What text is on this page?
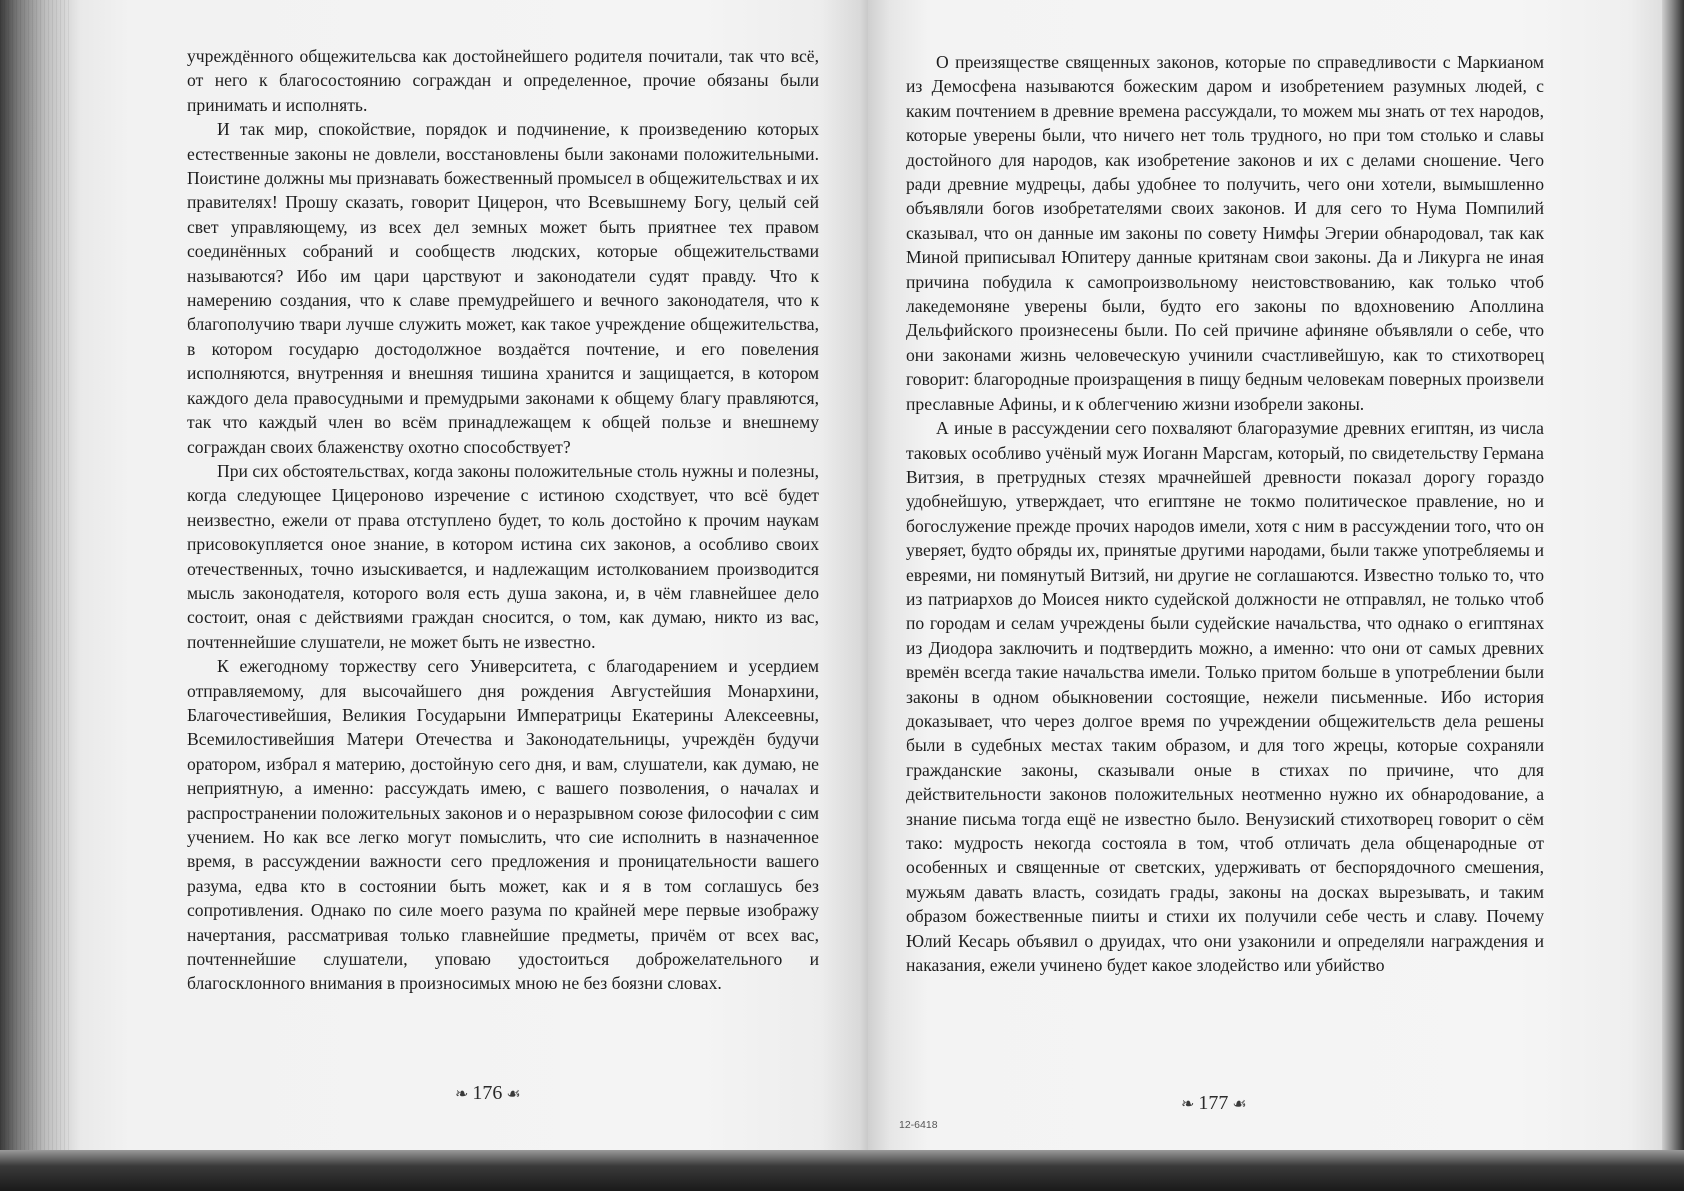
учреждённого общежительсва как достойнейшего родителя почитали, так что всё, от него к благосостоянию сограждан и определенное, прочие обязаны были принимать и исполнять.

И так мир, спокойствие, порядок и подчинение, к произведению которых естественные законы не довлели, восстановлены были законами положительными. Поистине должны мы признавать божественный промысел в общежительствах и их правителях! Прошу сказать, говорит Цицерон, что Всевышнему Богу, целый сей свет управляющему, из всех дел земных может быть приятнее тех правом соединённых собраний и сообществ людских, которые общежительствами называются? Ибо им цари царствуют и законодатели судят правду. Что к намерению создания, что к славе премудрейшего и вечного законодателя, что к благополучию твари лучше служить может, как такое учреждение общежительства, в котором государю достодолжное воздаётся почтение, и его повеления исполняются, внутренняя и внешняя тишина хранится и защищается, в котором каждого дела правосудными и премудрыми законами к общему благу правляются, так что каждый член во всём принадлежащем к общей пользе и внешнему сограждан своих блаженству охотно способствует?

При сих обстоятельствах, когда законы положительные столь нужны и полезны, когда следующее Цицероново изречение с истиною сходствует, что всё будет неизвестно, ежели от права отступлено будет, то коль достойно к прочим наукам присовокупляется оное знание, в котором истина сих законов, а особливо своих отечественных, точно изыскивается, и надлежащим истолкованием производится мысль законодателя, которого воля есть душа закона, и, в чём главнейшее дело состоит, оная с действиями граждан сносится, о том, как думаю, никто из вас, почтеннейшие слушатели, не может быть не известно.

К ежегодному торжеству сего Университета, с благодарением и усердием отправляемому, для высочайшего дня рождения Августейшия Монархини, Благочестивейшия, Великия Государыни Императрицы Екатерины Алексеевны, Всемилостивейшия Матери Отечества и Законодательницы, учреждён будучи оратором, избрал я материю, достойную сего дня, и вам, слушатели, как думаю, не неприятную, а именно: рассуждать имею, с вашего позволения, о началах и распространении положительных законов и о неразрывном союзе философии с сим учением. Но как все легко могут помыслить, что сие исполнить в назначенное время, в рассуждении важности сего предложения и проницательности вашего разума, едва кто в состоянии быть может, как и я в том соглашусь без сопротивления. Однако по силе моего разума по крайней мере первые изображу начертания, рассматривая только главнейшие предметы, причём от всех вас, почтеннейшие слушатели, уповаю удостоиться доброжелательного и благосклонного внимания в произносимых мною не без боязни словах.

❧ 176 ☙

О преизяществе священных законов, которые по справедливости с Маркианом из Демосфена называются божеским даром и изобретением разумных людей, с каким почтением в древние времена рассуждали, то можем мы знать от тех народов, которые уверены были, что ничего нет толь трудного, но при том столько и славы достойного для народов, как изобретение законов и их с делами сношение. Чего ради древние мудрецы, дабы удобнее то получить, чего они хотели, вымышленно объявляли богов изобретателями своих законов. И для сего то Нума Помпилий сказывал, что он данные им законы по совету Нимфы Эгерии обнародовал, так как Миной приписывал Юпитеру данные критянам свои законы. Да и Ликурга не иная причина побудила к самопроизвольному неистовствованию, как только чтоб лакедемоняне уверены были, будто его законы по вдохновению Аполлина Дельфийского произнесены были. По сей причине афиняне объявляли о себе, что они законами жизнь человеческую учинили счастливейшую, как то стихотворец говорит: благородные произращения в пищу бедным человекам поверных произвели преславные Афины, и к облегчению жизни изобрели законы.

А иные в рассуждении сего похваляют благоразумие древних египтян, из числа таковых особливо учёный муж Иоганн Марсгам, который, по свидетельству Германа Витзия, в претрудных стезях мрачнейшей древности показал дорогу гораздо удобнейшую, утверждает, что египтяне не токмо политическое правление, но и богослужение прежде прочих народов имели, хотя с ним в рассуждении того, что он уверяет, будто обряды их, принятые другими народами, были также употребляемы и евреями, ни помянутый Витзий, ни другие не соглашаются. Известно только то, что из патриархов до Моисея никто судейской должности не отправлял, не только чтоб по городам и селам учреждены были судейские начальства, что однако о египтянах из Диодора заключить и подтвердить можно, а именно: что они от самых древних времён всегда такие начальства имели. Только притом больше в употреблении были законы в одном обыкновении состоящие, нежели письменные. Ибо история доказывает, что через долгое время по учреждении общежительств дела решены были в судебных местах таким образом, и для того жрецы, которые сохраняли гражданские законы, сказывали оные в стихах по причине, что для действительности законов положительных неотменно нужно их обнародование, а знание письма тогда ещё не известно было. Венузиский стихотворец говорит о сём тако: мудрость некогда состояла в том, чтоб отличать дела общенародные от особенных и священные от светских, удерживать от беспорядочного смешения, мужьям давать власть, созидать грады, законы на досках вырезывать, и таким образом божественные пииты и стихи их получили себе честь и славу. Почему Юлий Кесарь объявил о друидах, что они узаконили и определяли награждения и наказания, ежели учинено будет какое злодейство или убийство

❧ 177 ☙
12-6418
